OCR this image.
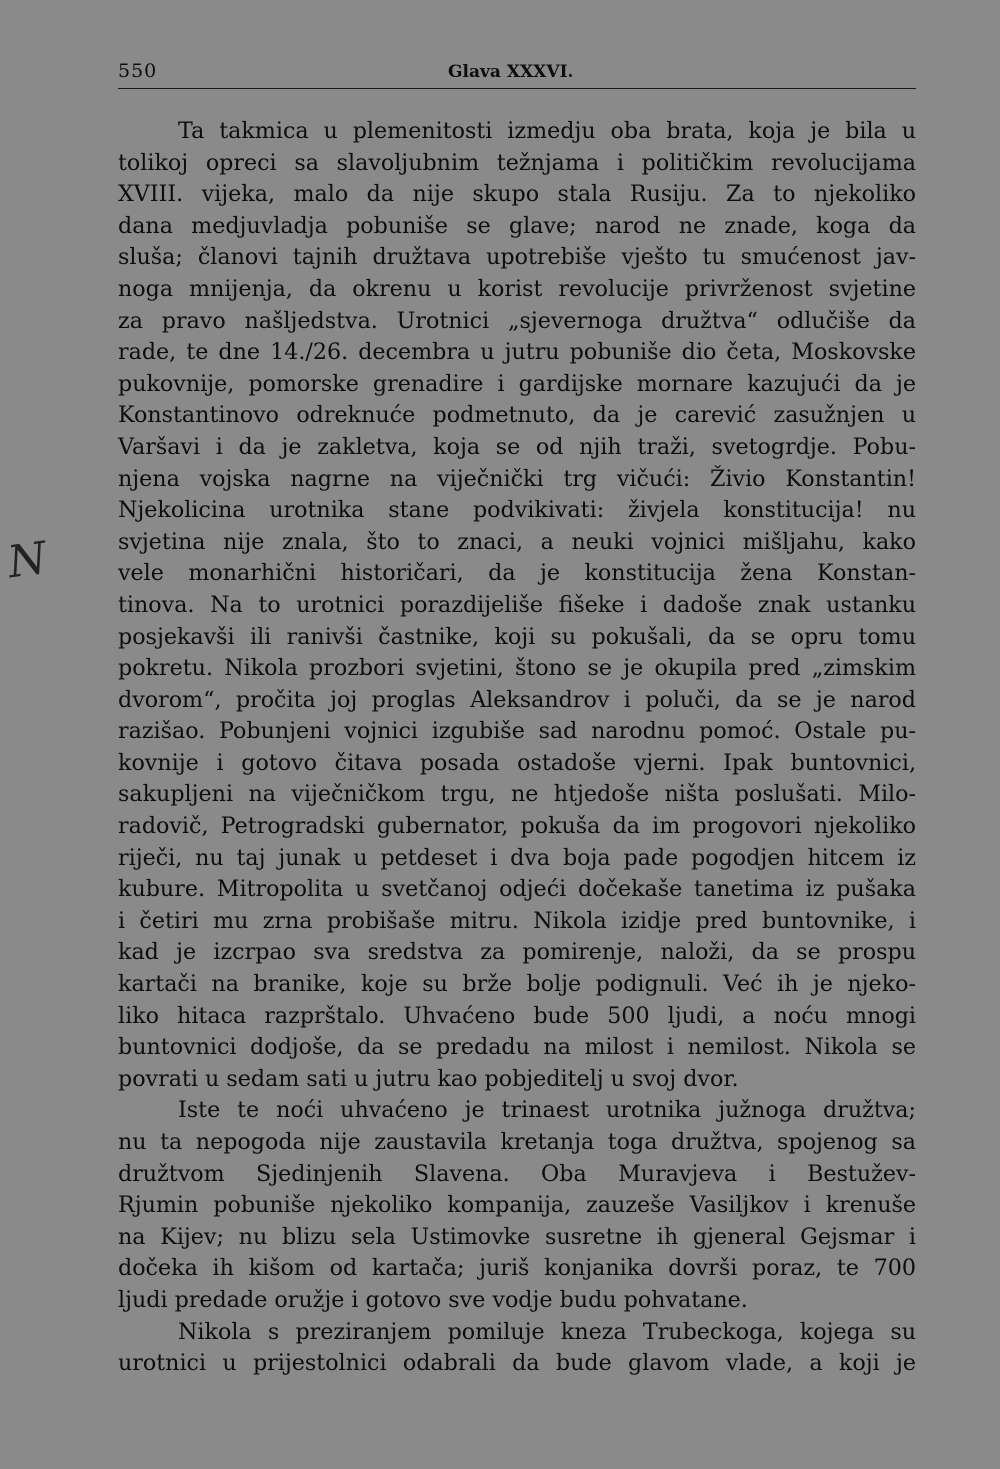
550	Glava XXXVI.
N
Ta takmica u plemenitosti izmedju oba brata, koja je bila u
tolikoj opreci sa slavoljubnim težnjama i političkim revolucijama
XVIII. vijeka, malo da nije skupo stala Rusiju. Za to njekoliko
dana medjuvladja pobuniše se glave; narod ne znade, koga da
sluša; članovi tajnih družtava upotrebiše vješto tu smućenost jav-
noga mnijenja, da okrenu u korist revolucije privrženost svjetine
za pravo našljedstva. Urotnici „sjevernoga družtva“ odlučiše da
rade, te dne 14./26. decembra u jutru pobuniše dio četa, Moskovske
pukovnije, pomorske grenadire i gardijske mornare kazujući da je
Konstantinovo odreknuće podmetnuto, da je carević zasužnjen u
Varšavi i da je zakletva, koja se od njih traži, svetogrdje. Pobu-
njena vojska nagrne na viječnički trg vičući: Živio Konstantin!
Njekolicina urotnika stane podvikivati: živjela konstitucija! nu
svjetina nije znala, što to znaci, a neuki vojnici mišljahu, kako
vele monarhični historičari, da je konstitucija žena Konstan-
tinova. Na to urotnici porazdijeliše fišeke i dadoše znak ustanku
posjekavši ili ranivši častnike, koji su pokušali, da se opru tomu
pokretu. Nikola prozbori svjetini, štono se je okupila pred „zimskim
dvorom“, pročita joj proglas Aleksandrov i poluči, da se je narod
razišao. Pobunjeni vojnici izgubiše sad narodnu pomoć. Ostale pu-
kovnije i gotovo čitava posada ostadoše vjerni. Ipak buntovnici,
sakupljeni na viječničkom trgu, ne htjedoše ništa poslušati. Milo-
radovič, Petrogradski gubernator, pokuša da im progovori njekoliko
riječi, nu taj junak u petdeset i dva boja pade pogodjen hitcem iz
kubure. Mitropolita u svetčanoj odjeći dočekaše tanetima iz pušaka
i četiri mu zrna probišaše mitru. Nikola izidje pred buntovnike, i
kad je izcrpao sva sredstva za pomirenje, naloži, da se prospu
kartači na branike, koje su brže bolje podignuli. Već ih je njeko-
liko hitaca razprštalo. Uhvaćeno bude 500 ljudi, a noću mnogi
buntovnici dodjoše, da se predadu na milost i nemilost. Nikola se
povrati u sedam sati u jutru kao pobjeditelj u svoj dvor.
Iste te noći uhvaćeno je trinaest urotnika južnoga družtva;
nu ta nepogoda nije zaustavila kretanja toga družtva, spojenog sa
družtvom Sjedinjenih Slavena. Oba Muravjeva i Bestužev-
Rjumin pobuniše njekoliko kompanija, zauzeše Vasiljkov i krenuše
na Kijev; nu blizu sela Ustimovke susretne ih gjeneral Gejsmar i
dočeka ih kišom od kartača; juriš konjanika dovrši poraz, te 700
ljudi predade oružje i gotovo sve vodje budu pohvatane.
Nikola s preziranjem pomiluje kneza Trubeckoga, kojega su
urotnici u prijestolnici odabrali da bude glavom vlade, a koji je
